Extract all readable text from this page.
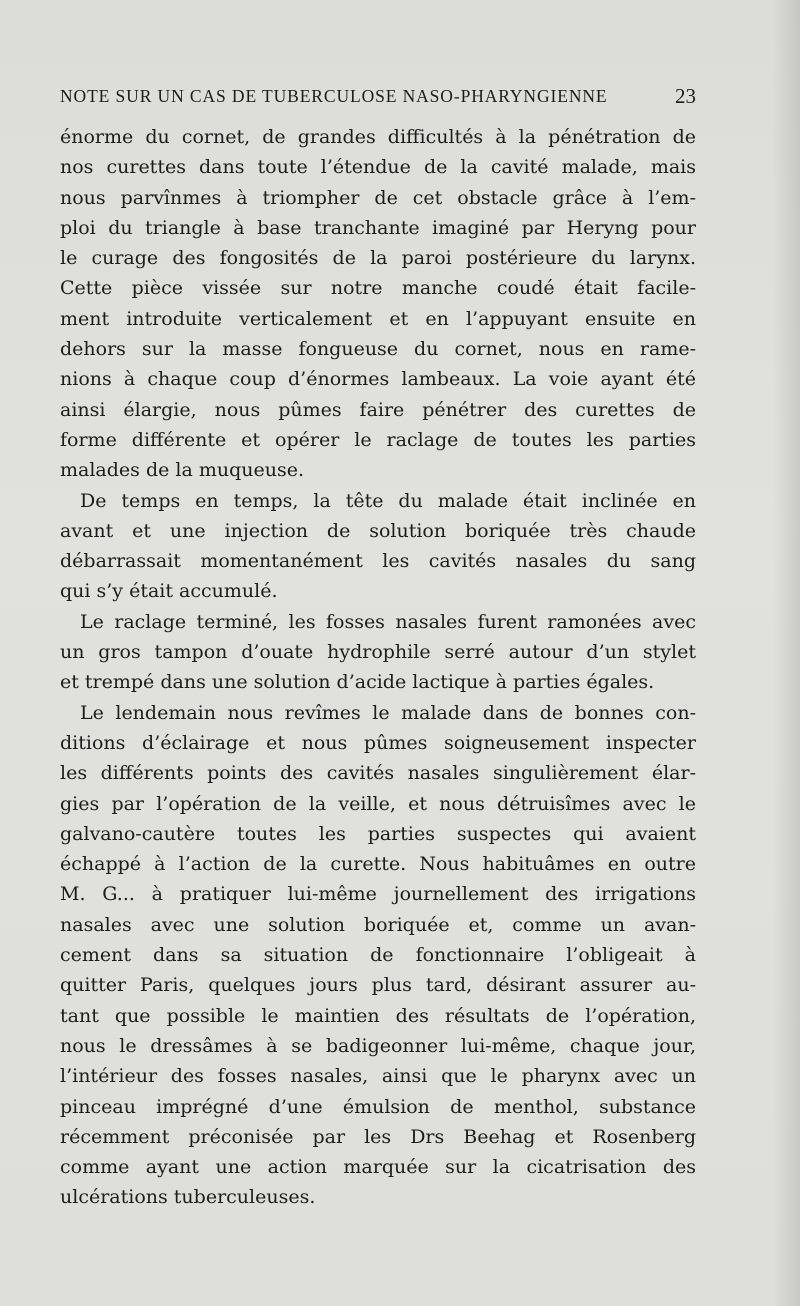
NOTE SUR UN CAS DE TUBERCULOSE NASO-PHARYNGIENNE	23
énorme du cornet, de grandes difficultés à la pénétration de
nos curettes dans toute l’étendue de la cavité malade, mais
nous parvînmes à triompher de cet obstacle grâce à l’em-
ploi du triangle à base tranchante imaginé par Heryng pour
le curage des fongosités de la paroi postérieure du larynx.
Cette pièce vissée sur notre manche coudé était facile-
ment introduite verticalement et en l’appuyant ensuite en
dehors sur la masse fongueuse du cornet, nous en rame-
nions à chaque coup d’énormes lambeaux. La voie ayant été
ainsi élargie, nous pûmes faire pénétrer des curettes de
forme différente et opérer le raclage de toutes les parties
malades de la muqueuse.
De temps en temps, la tête du malade était inclinée en
avant et une injection de solution boriquée très chaude
débarrassait momentanément les cavités nasales du sang
qui s’y était accumulé.
Le raclage terminé, les fosses nasales furent ramonées avec
un gros tampon d’ouate hydrophile serré autour d’un stylet
et trempé dans une solution d’acide lactique à parties égales.
Le lendemain nous revîmes le malade dans de bonnes con-
ditions d’éclairage et nous pûmes soigneusement inspecter
les différents points des cavités nasales singulièrement élar-
gies par l’opération de la veille, et nous détruisîmes avec le
galvano-cautère toutes les parties suspectes qui avaient
échappé à l’action de la curette. Nous habituâmes en outre
M. G... à pratiquer lui-même journellement des irrigations
nasales avec une solution boriquée et, comme un avan-
cement dans sa situation de fonctionnaire l’obligeait à
quitter Paris, quelques jours plus tard, désirant assurer au-
tant que possible le maintien des résultats de l’opération,
nous le dressâmes à se badigeonner lui-même, chaque jour,
l’intérieur des fosses nasales, ainsi que le pharynx avec un
pinceau imprégné d’une émulsion de menthol, substance
récemment préconisée par les Drs Beehag et Rosenberg
comme ayant une action marquée sur la cicatrisation des
ulcérations tuberculeuses.
